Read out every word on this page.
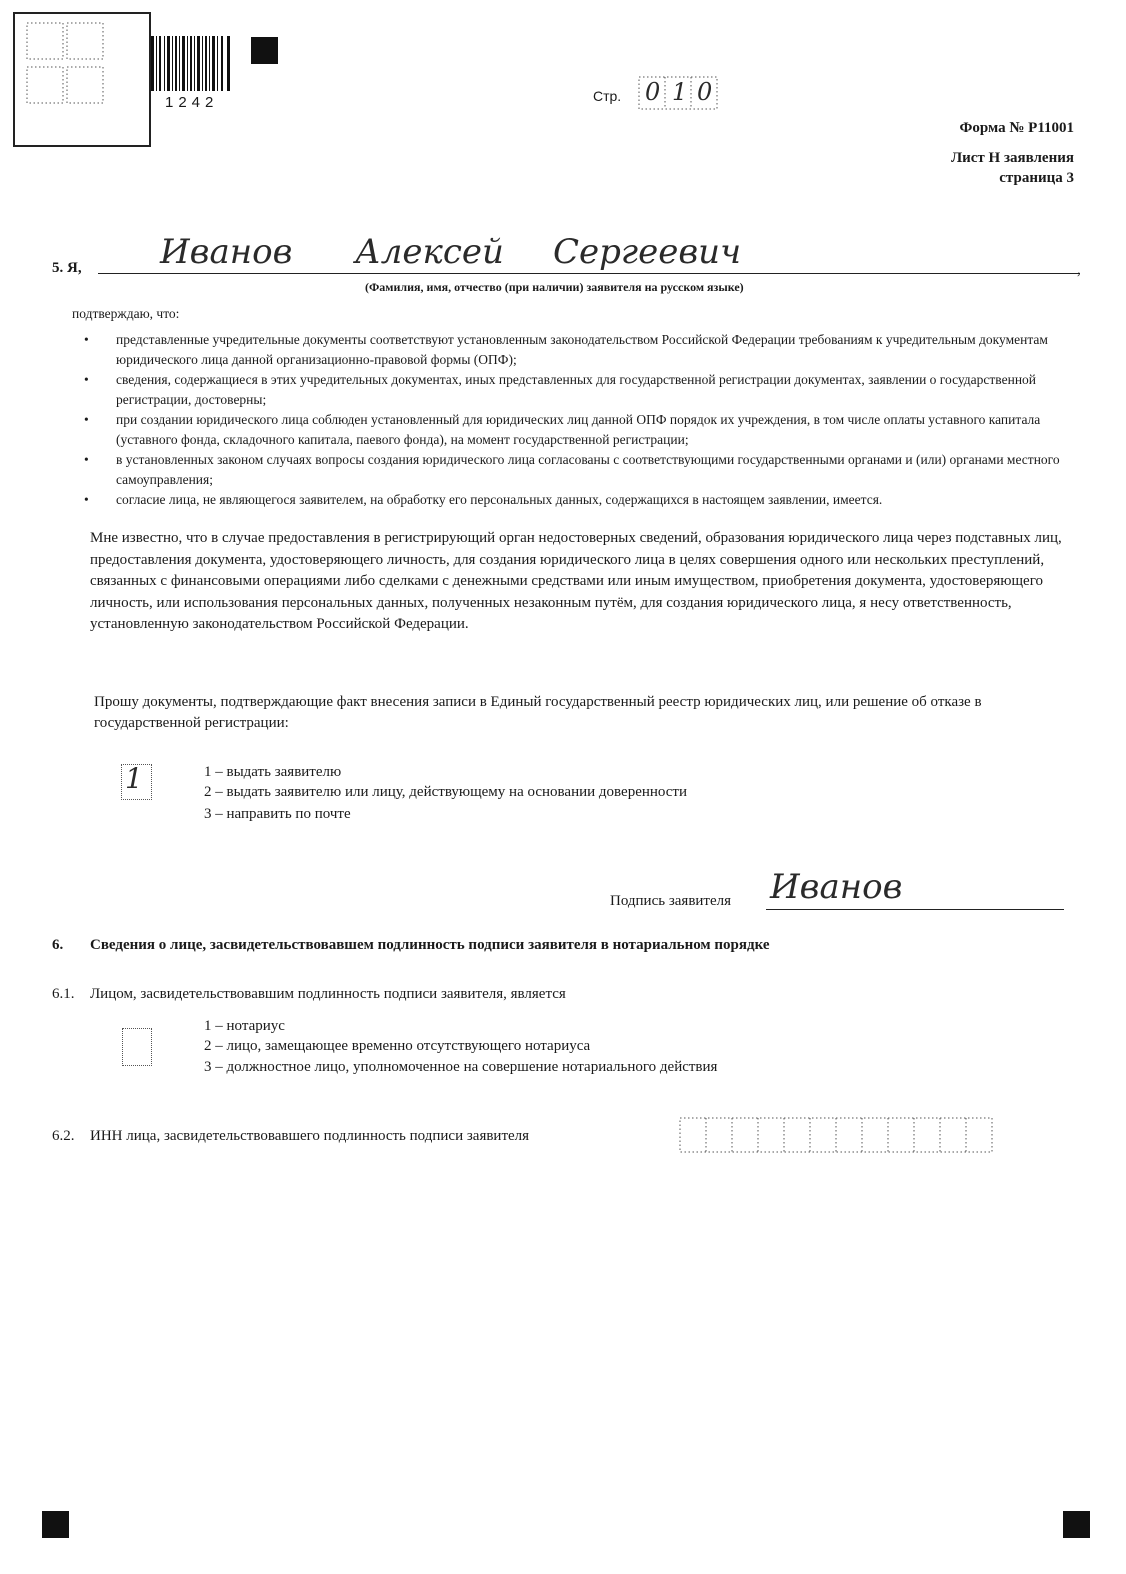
1242	Стр. 0 1 0
Форма № Р11001
Лист Н заявления
страница 3
5. Я,	,
Иванов Алексей Сергеевич
(Фамилия, имя, отчество (при наличии) заявителя на русском языке)
подтверждаю, что:
• представленные учредительные документы соответствуют установленным законодательством Российской Федерации требованиям к учредительным документам юридического лица данной организационно-правовой формы (ОПФ);
• сведения, содержащиеся в этих учредительных документах, иных представленных для государственной регистрации документах, заявлении о государственной регистрации, достоверны;
• при создании юридического лица соблюден установленный для юридических лиц данной ОПФ порядок их учреждения, в том числе оплаты уставного капитала (уставного фонда, складочного капитала, паевого фонда), на момент государственной регистрации;
• в установленных законом случаях вопросы создания юридического лица согласованы с соответствующими государственными органами и (или) органами местного самоуправления;
• согласие лица, не являющегося заявителем, на обработку его персональных данных, содержащихся в настоящем заявлении, имеется.
Мне известно, что в случае предоставления в регистрирующий орган недостоверных сведений, образования юридического лица через подставных лиц, предоставления документа, удостоверяющего личность, для создания юридического лица в целях совершения одного или нескольких преступлений, связанных с финансовыми операциями либо сделками с денежными средствами или иным имуществом, приобретения документа, удостоверяющего личность, или использования персональных данных, полученных незаконным путём, для создания юридического лица, я несу ответственность, установленную законодательством Российской Федерации.
Прошу документы, подтверждающие факт внесения записи в Единый государственный реестр юридических лиц, или решение об отказе в государственной регистрации:
1	1 – выдать заявителю
2 – выдать заявителю или лицу, действующему на основании доверенности
3 – направить по почте
Подпись заявителя Иванов
6. Сведения о лице, засвидетельствовавшем подлинность подписи заявителя в нотариальном порядке
6.1. Лицом, засвидетельствовавшим подлинность подписи заявителя, является
1 – нотариус
2 – лицо, замещающее временно отсутствующего нотариуса
3 – должностное лицо, уполномоченное на совершение нотариального действия
6.2. ИНН лица, засвидетельствовавшего подлинность подписи заявителя
